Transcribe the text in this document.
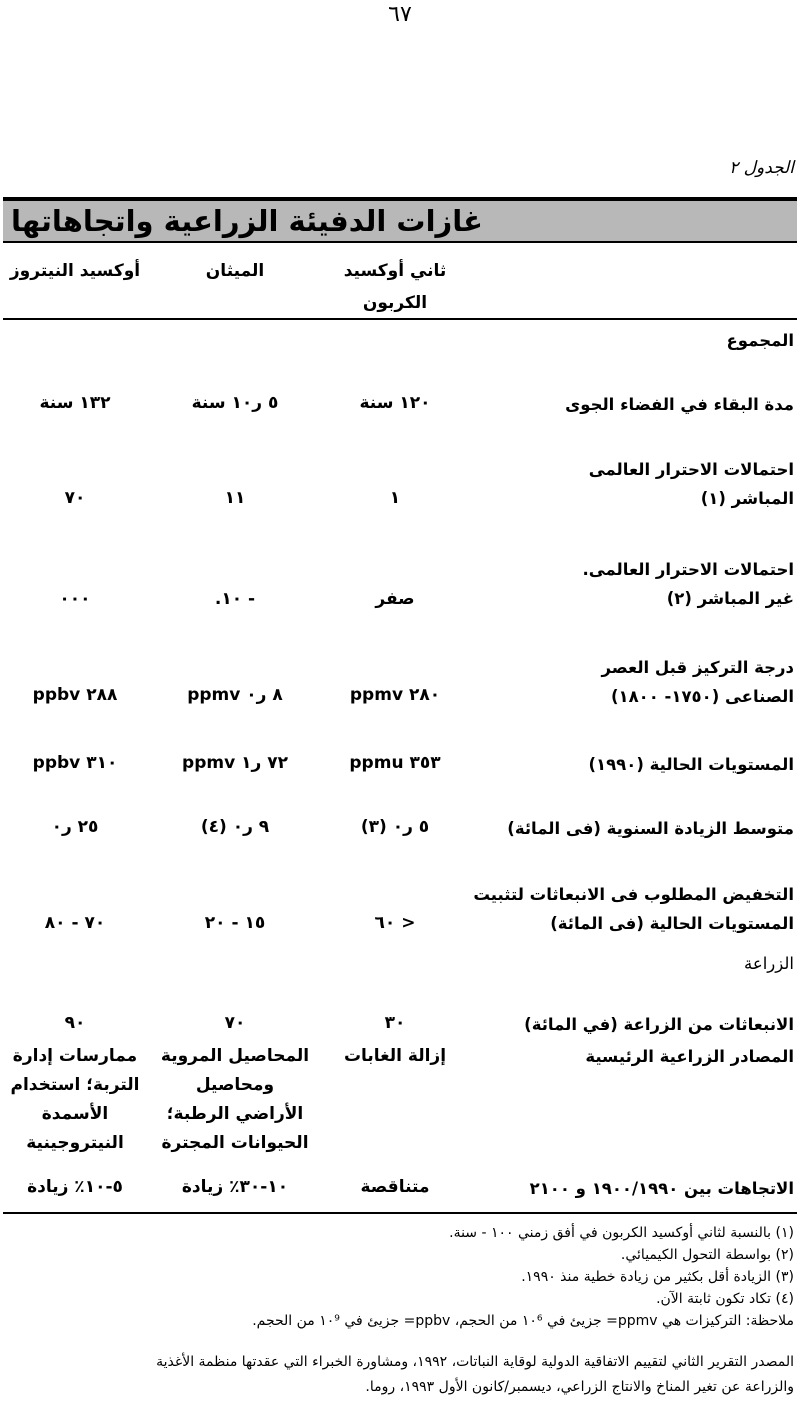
٦٧
الجدول ٢
غازات الدفيئة الزراعية واتجاهاتها
ثاني أوكسيد
الكربون
الميثان
أوكسيد النيتروز
المجموع
مدة البقاء في الفضاء الجوى
١٢٠ سنة
٥ ر١٠ سنة
١٣٢ سنة
احتمالات الاحترار العالمى
المباشر (١)
١
١١
٧٠
احتمالات الاحترار العالمى.
غير المباشر (٢)
صفر
- ١٠.
٠٠٠
درجة التركيز قبل العصر
الصناعى (١٧٥٠- ١٨٠٠)
٢٨٠ ppmv
٨ ر٠ ppmv
٢٨٨ ppbv
المستويات الحالية (١٩٩٠)
٣٥٣ ppmu
٧٢ ر١ ppmv
٣١٠ ppbv
متوسط الزيادة السنوية (فى المائة)
٥ ر٠ (٣)
٩ ر٠ (٤)
٢٥ ر٠
التخفيض المطلوب فى الانبعاثات لتثبيت
المستويات الحالية (فى المائة)
< ٦٠
١٥ - ٢٠
٧٠ - ٨٠
الزراعة
الانبعاثات من الزراعة (في المائة)
٣٠
٧٠
٩٠
المصادر الزراعية الرئيسية
إزالة الغابات
المحاصيل المروية
ومحاصيل
الأراضي الرطبة؛
الحيوانات المجترة
ممارسات إدارة
التربة؛ استخدام
الأسمدة النيتروجينية
الاتجاهات بين ١٩٠٠/١٩٩٠ و ٢١٠٠
متناقصة
١٠-٣٠٪ زيادة
٥-١٠٪ زيادة
(١) بالنسبة لثاني أوكسيد الكربون في أفق زمني ١٠٠ - سنة.
(٢) بواسطة التحول الكيميائي.
(٣) الزيادة أقل بكثير من زيادة خطية منذ ١٩٩٠.
(٤) تكاد تكون ثابتة الآن.
ملاحظة: التركيزات هي ppmv= جزيئ في ١٠⁶ من الحجم، ppbv= جزيئ في ١٠⁹ من الحجم.
المصدر التقرير الثاني لتقييم الاتفاقية الدولية لوقاية النباتات، ١٩٩٢، ومشاورة الخبراء التي عقدتها منظمة الأغذية
والزراعة عن تغير المناخ والانتاج الزراعي، ديسمبر/كانون الأول ١٩٩٣، روما.
